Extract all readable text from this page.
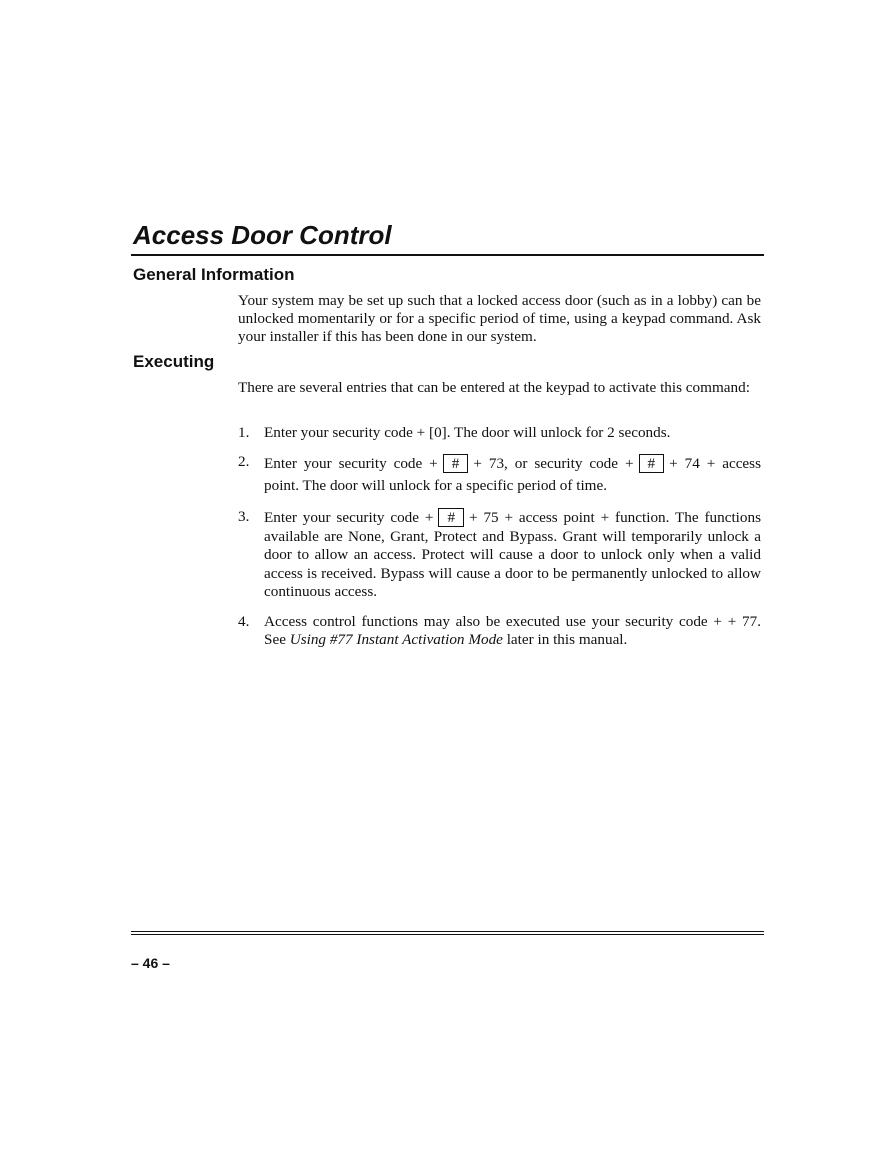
Access Door Control
General Information

Your system may be set up such that a locked access door (such as in a lobby) can be unlocked momentarily or for a specific period of time, using a keypad command. Ask your installer if this has been done in our system.

Executing

There are several entries that can be entered at the keypad to activate this command:

1. Enter your security code + [0]. The door will unlock for 2 seconds.
2. Enter your security code + # + 73, or security code + # + 74 + access point. The door will unlock for a specific period of time.
3. Enter your security code + # + 75 + access point + function. The functions available are None, Grant, Protect and Bypass. Grant will temporarily unlock a door to allow an access. Protect will cause a door to unlock only when a valid access is received. Bypass will cause a door to be permanently unlocked to allow continuous access.
4. Access control functions may also be executed use your security code + + 77. See Using #77 Instant Activation Mode later in this manual.
– 46 –
